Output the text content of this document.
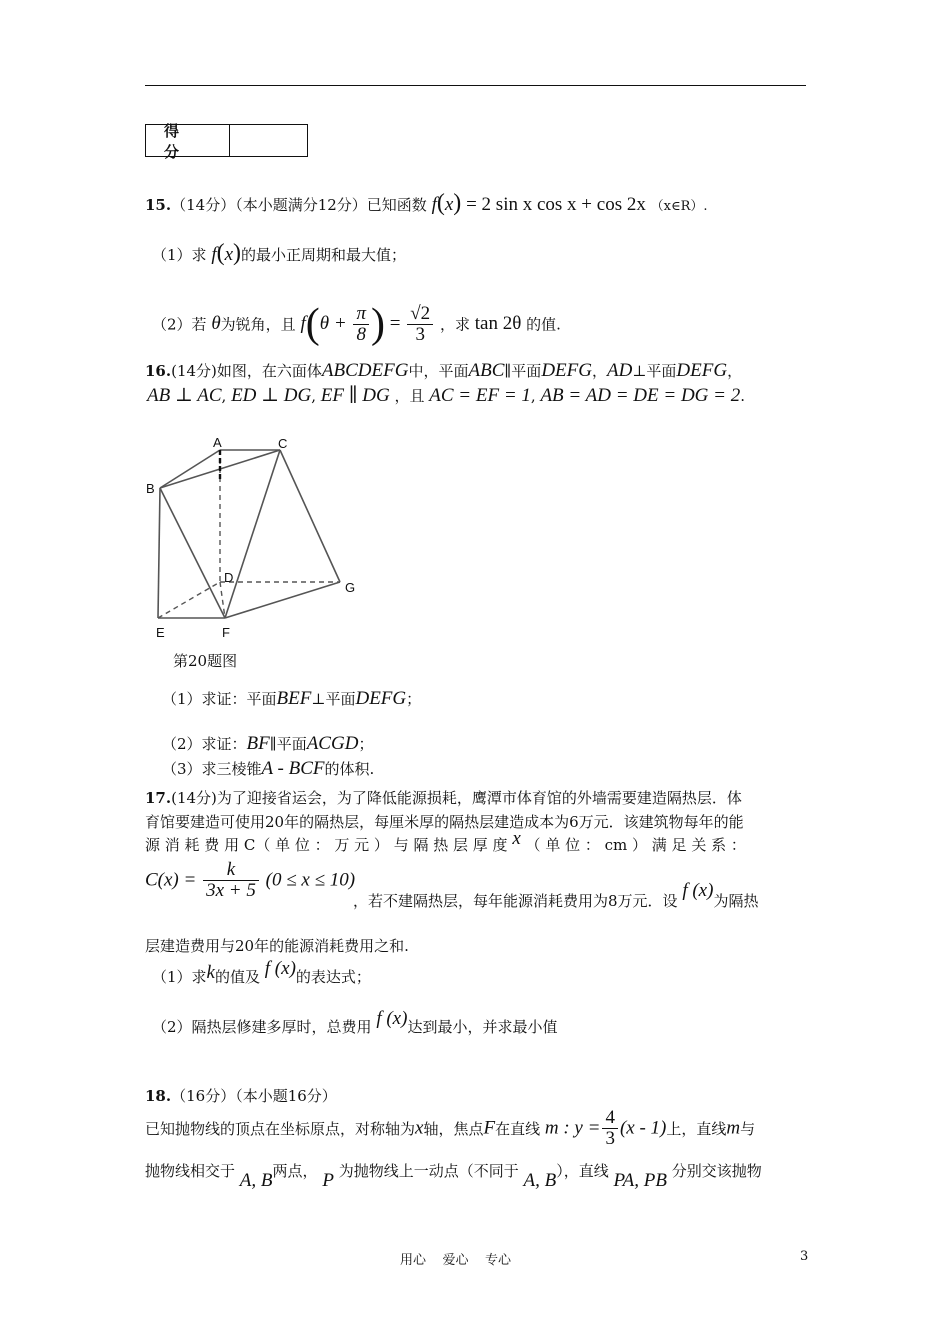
得分
15.（14分）（本小题满分12分）已知函数 f(x) = 2 sin x cos x + cos 2x （x∈R）.
（1）求 f(x)的最小正周期和最大值；
（2）若 θ为锐角，且 $f(\theta + \frac{\pi}{8}$ ) = $\frac{√2}{3}$ ，求 tan 2θ 的值.
16.(14分)如图，在六面体ABCDEFG中，平面ABC∥平面DEFG，AD⊥平面DEFG，
AB ⊥ AC, ED ⊥ DG, EF ∥ DG ，且 AC = EF = 1, AB = AD = DE = DG = 2.
A	C
B
D
G
E	F
第20题图
（1）求证：平面BEF⊥平面DEFG；
（2）求证：BF∥平面ACGD；
（3）求三棱锥A - BCF的体积.
17.(14分)为了迎接省运会，为了降低能源损耗，鹰潭市体育馆的外墙需要建造隔热层．体
育馆要建造可使用20年的隔热层，每厘米厚的隔热层建造成本为6万元．该建筑物每年的能
源 消 耗 费 用 C（ 单 位 ： 万 元 ） 与 隔 热 层 厚 度 x （ 单 位 ： cm ） 满 足 关 系 ：
$C(x) = \frac{k}{3x + 5} (0 \le x \le 10)$
，若不建隔热层，每年能源消耗费用为8万元．设 f (x)为隔热
层建造费用与20年的能源消耗费用之和.
（1）求k的值及 f (x)的表达式；
（2）隔热层修建多厚时，总费用 f (x)达到最小，并求最小值
18.（16分）（本小题16分）
已知抛物线的顶点在坐标原点，对称轴为x轴，焦点F在直线 m : $y = \frac{4}{3} (x - 1)$上，直线m与
抛物线相交于 A, B两点， P 为抛物线上一动点（不同于 A, B），直线 PA, PB 分别交该抛物
用心    爱心    专心	3
